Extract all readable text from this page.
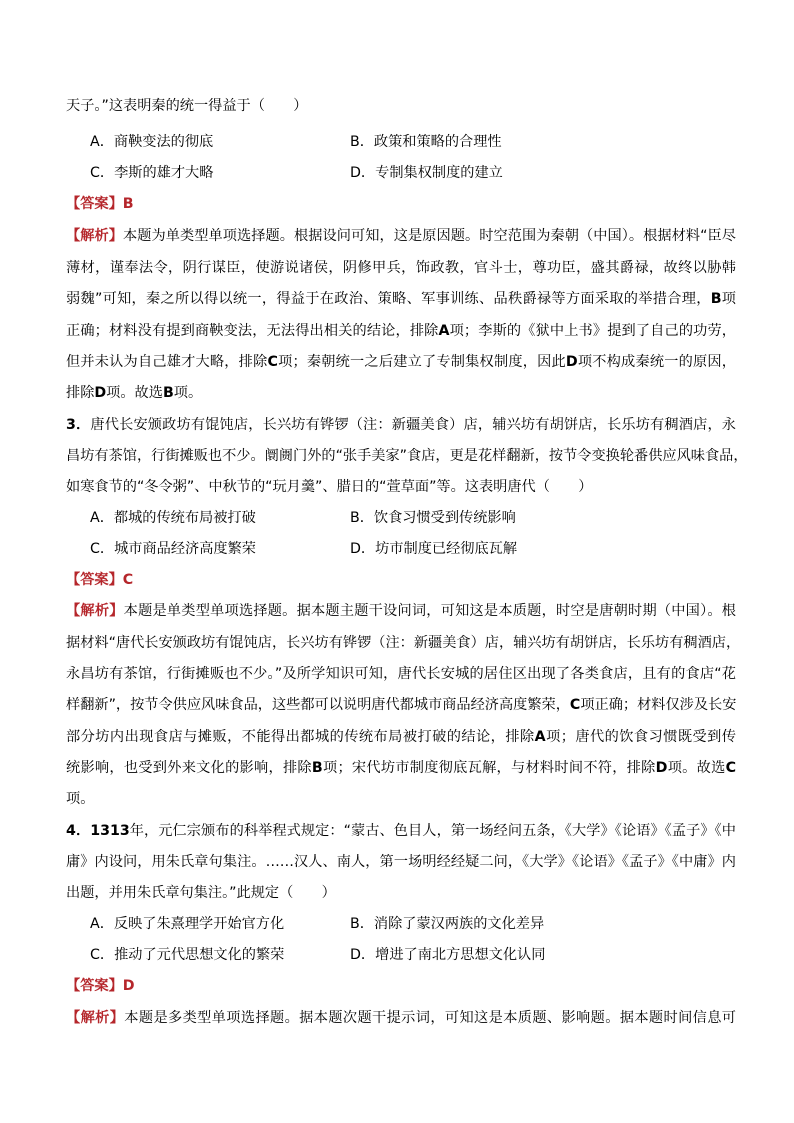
天子。”这表明秦的统一得益于（　　）
A．商鞅变法的彻底	B．政策和策略的合理性
C．李斯的雄才大略	D．专制集权制度的建立
【答案】B
【解析】本题为单类型单项选择题。根据设问可知，这是原因题。时空范围为秦朝（中国）。根据材料“臣尽
薄材，谨奉法令，阴行谋臣，使游说诸侯，阴修甲兵，饰政教，官斗士，尊功臣，盛其爵禄，故终以胁韩
弱魏”可知，秦之所以得以统一，得益于在政治、策略、军事训练、品秩爵禄等方面采取的举措合理，B项
正确；材料没有提到商鞅变法，无法得出相关的结论，排除A项；李斯的《狱中上书》提到了自己的功劳，
但并未认为自己雄才大略，排除C项；秦朝统一之后建立了专制集权制度，因此D项不构成秦统一的原因，
排除D项。故选B项。
3．唐代长安颁政坊有馄饨店，长兴坊有铧锣（注：新疆美食）店，辅兴坊有胡饼店，长乐坊有稠酒店，永
昌坊有茶馆，行街摊贩也不少。阛阓门外的“张手美家”食店，更是花样翻新，按节令变换轮番供应风味食品，
如寒食节的“冬令粥”、中秋节的“玩月羹”、腊日的“萱草面”等。这表明唐代（　　）
A．都城的传统布局被打破	B．饮食习惯受到传统影响
C．城市商品经济高度繁荣	D．坊市制度已经彻底瓦解
【答案】C
【解析】本题是单类型单项选择题。据本题主题干设问词，可知这是本质题，时空是唐朝时期（中国）。根
据材料“唐代长安颁政坊有馄饨店，长兴坊有铧锣（注：新疆美食）店，辅兴坊有胡饼店，长乐坊有稠酒店，
永昌坊有茶馆，行街摊贩也不少。”及所学知识可知，唐代长安城的居住区出现了各类食店，且有的食店“花
样翻新”，按节令供应风味食品，这些都可以说明唐代都城市商品经济高度繁荣，C项正确；材料仅涉及长安
部分坊内出现食店与摊贩，不能得出都城的传统布局被打破的结论，排除A项；唐代的饮食习惯既受到传
统影响，也受到外来文化的影响，排除B项；宋代坊市制度彻底瓦解，与材料时间不符，排除D项。故选C
项。
4．1313年，元仁宗颁布的科举程式规定：“蒙古、色目人，第一场经问五条，《大学》《论语》《孟子》《中
庸》内设问，用朱氏章句集注。……汉人、南人，第一场明经经疑二问，《大学》《论语》《孟子》《中庸》内
出题，并用朱氏章句集注。”此规定（　　）
A．反映了朱熹理学开始官方化	B．消除了蒙汉两族的文化差异
C．推动了元代思想文化的繁荣	D．增进了南北方思想文化认同
【答案】D
【解析】本题是多类型单项选择题。据本题次题干提示词，可知这是本质题、影响题。据本题时间信息可
